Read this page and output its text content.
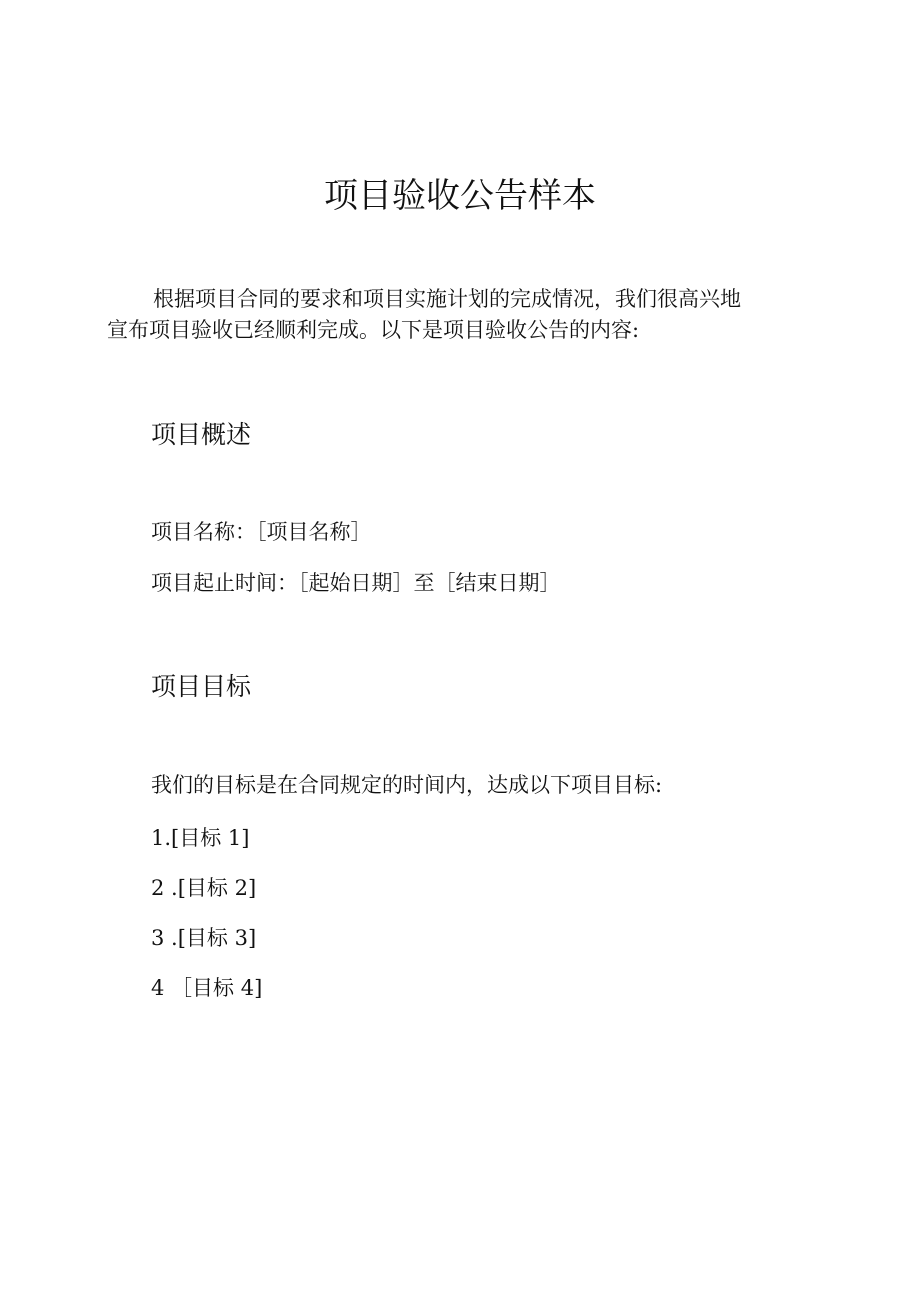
项目验收公告样本
根据项目合同的要求和项目实施计划的完成情况，我们很高兴地
宣布项目验收已经顺利完成。以下是项目验收公告的内容:
项目概述
项目名称：［项目名称］
项目起止时间：［起始日期］至［结束日期］
项目目标
我们的目标是在合同规定的时间内，达成以下项目目标:
1.[目标 1]
2 .[目标 2]
3 .[目标 3]
4 ［目标 4]
